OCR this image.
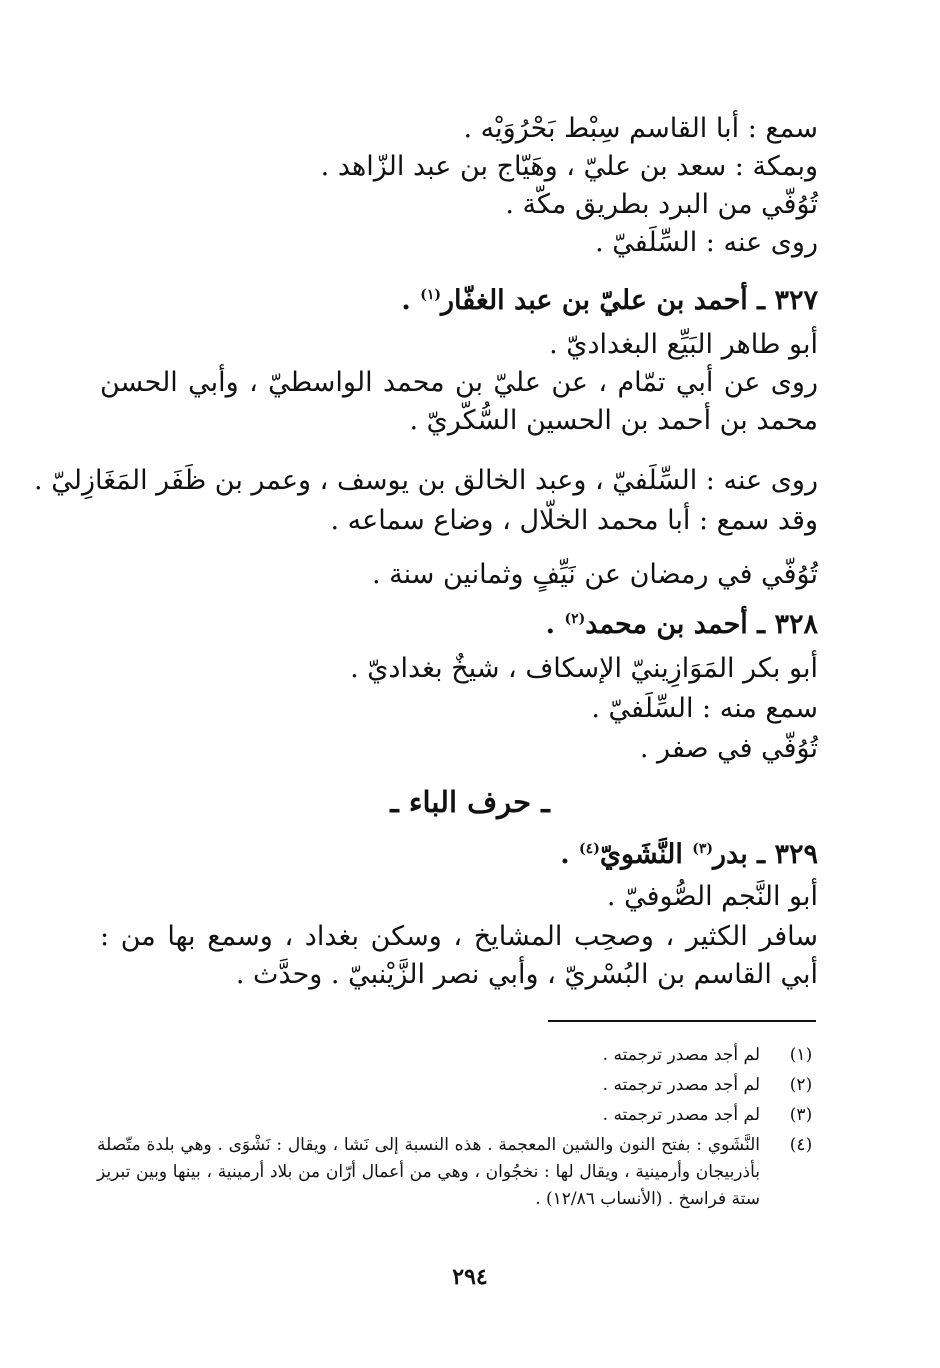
سمع : أبا القاسم سِبْط بَحْرُوَيْه .
وبمكة : سعد بن عليّ ، وهَيّاج بن عبد الزّاهد .
تُوُفّي من البرد بطريق مكّة .
روى عنه : السِّلَفيّ .
٣٢٧ ـ أحمد بن عليّ بن عبد الغفّار$^{(١)}$ .
أبو طاهر البَيِّع البغداديّ .
روى عن أبي تمّام ، عن عليّ بن محمد الواسطيّ ، وأبي الحسن محمد بن أحمد بن الحسين السُّكّريّ .
روى عنه : السِّلَفيّ ، وعبد الخالق بن يوسف ، وعمر بن ظَفَر المَغَازِليّ .
وقد سمع : أبا محمد الخلّال ، وضاع سماعه .
تُوُفّي في رمضان عن نَيِّفٍ وثمانين سنة .
٣٢٨ ـ أحمد بن محمد$^{(٢)}$ .
أبو بكر المَوَازِينيّ الإسكاف ، شيخٌ بغداديّ .
سمع منه : السِّلَفيّ .
تُوُفّي في صفر .
ـ حرف الباء ـ
٣٢٩ ـ بدر$^{(٣)}$ النَّشَويّ$^{(٤)}$ .
أبو النَّجم الصُّوفيّ .
سافر الكثير ، وصحِب المشايخ ، وسكن بغداد ، وسمع بها من : أبي القاسم بن البُسْريّ ، وأبي نصر الزَّيْنبيّ . وحدَّث .
(١)
لم أجد مصدر ترجمته .
(٢)
لم أجد مصدر ترجمته .
(٣)
لم أجد مصدر ترجمته .
(٤)
النَّشَوي : بفتح النون والشين المعجمة . هذه النسبة إلى نَشا ، ويقال : نَشْوَى . وهي بلدة متّصلة بأذربيجان وأرمينية ، ويقال لها : نخجُوان ، وهي من أعمال أرّان من بلاد أرمينية ، بينها وبين تبريز ستة فراسخ . (الأنساب ١٢/٨٦) .
٢٩٤
